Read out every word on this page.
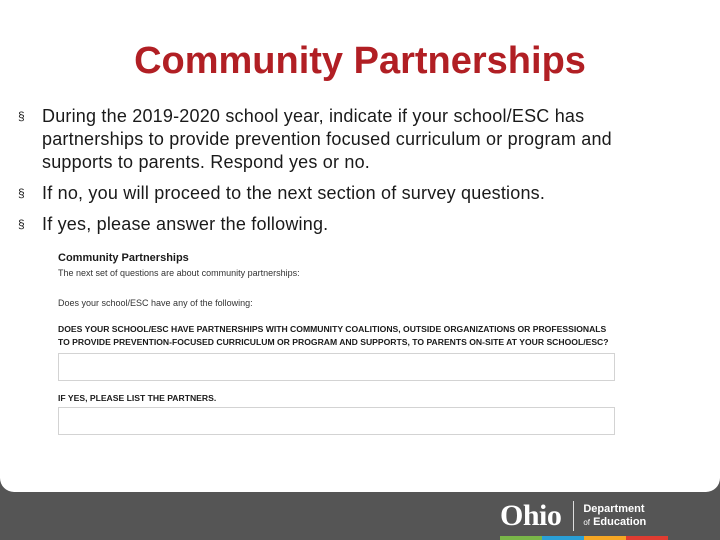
Community Partnerships
§ During the 2019-2020 school year, indicate if your school/ESC has partnerships to provide prevention focused curriculum or program and supports to parents. Respond yes or no.
§ If no, you will proceed to the next section of survey questions.
§ If yes, please answer the following.
Community Partnerships
The next set of questions are about community partnerships:
Does your school/ESC have any of the following:
DOES YOUR SCHOOL/ESC HAVE PARTNERSHIPS WITH COMMUNITY COALITIONS, OUTSIDE ORGANIZATIONS OR PROFESSIONALS TO PROVIDE PREVENTION-FOCUSED CURRICULUM OR PROGRAM AND SUPPORTS, TO PARENTS ON-SITE AT YOUR SCHOOL/ESC?
IF YES, PLEASE LIST THE PARTNERS.
Ohio Department
of Education
